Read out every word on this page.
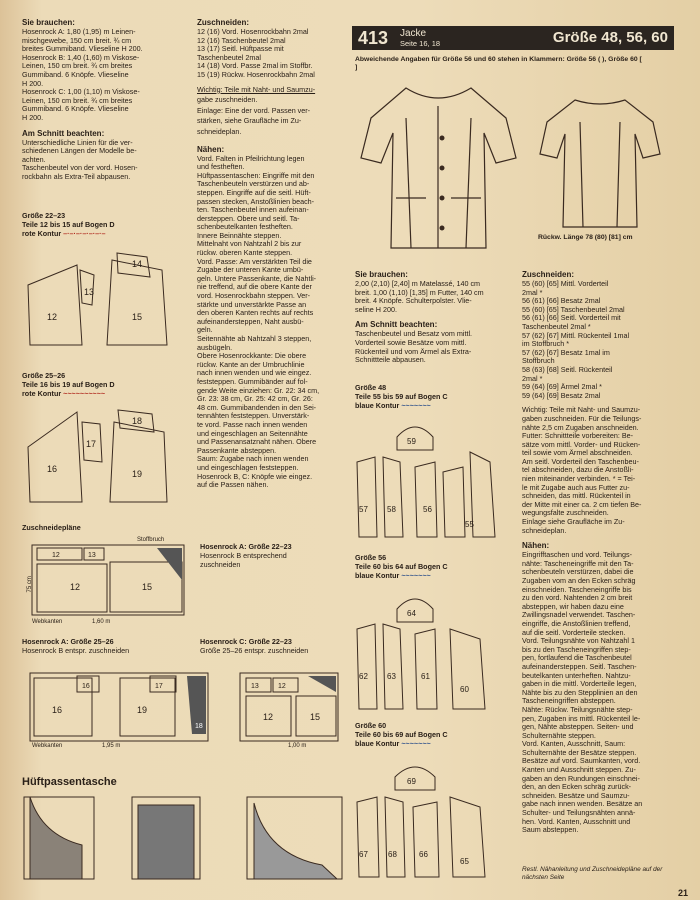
Sie brauchen:
Hosenrock A: 1,80 (1,95) m Leinen-
mischgewebe, 150 cm breit. ¾ cm
breites Gummiband. Vlieseline H 200.
Hosenrock B: 1,40 (1,60) m Viskose-
Leinen, 150 cm breit. ¾ cm breites
Gummiband. 6 Knöpfe. Vlieseline
H 200.
Hosenrock C: 1,00 (1,10) m Viskose-
Leinen, 150 cm breit. ¾ cm breites
Gummiband. 6 Knöpfe. Vlieseline
H 200.
Am Schnitt beachten:
Unterschiedliche Linien für die ver-
schiedenen Längen der Modelle be-
achten.
Taschenbeutel von der vord. Hosen-
rockbahn als Extra-Teil abpausen.
Größe 22–23
Teile 12 bis 15 auf Bogen D
rote Kontur –·–·–·–·–·–·–
12
13
14
15
Größe 25–26
Teile 16 bis 19 auf Bogen D
rote Kontur ~~~~~~~~~~
16
17
18
19
Zuschneidepläne
12	15
12	13
75 cm
Webkanten	1,60 m
Stoffbruch
Hosenrock A: Größe 25–26
Hosenrock B entspr. zuschneiden
16
16
19
17
18
Webkanten	1,95 m
Hüftpassentasche
Zuschneiden:
12 (16) Vord. Hosenrockbahn 2mal
12 (16) Taschenbeutel 2mal
13 (17) Seitl. Hüftpasse mit
Taschenbeutel 2mal
14 (18) Vord. Passe 2mal im Stoffbr.
15 (19) Rückw. Hosenrockbahn 2mal

Wichtig: Teile mit Naht- und Saumzu-

gabe zuschneiden.

Einlage: Eine der vord. Passen ver-

stärken, siehe Graufläche im Zu-

schneideplan.

Nähen:
Vord. Falten in Pfeilrichtung legen
und festheften.
Hüftpassentaschen: Eingriffe mit den
Taschenbeuteln verstürzen und ab-
steppen. Eingriffe auf die seitl. Hüft-
passen stecken, Anstoßlinien beach-
ten. Taschenbeutel innen aufeinan-
dersteppen. Obere und seitl. Ta-
schenbeutelkanten festheften.
Innere Beinnähte steppen.
Mittelnaht von Nahtzahl 2 bis zur
rückw. oberen Kante steppen.
Vord. Passe: Am verstärkten Teil die
Zugabe der unteren Kante umbü-
geln. Untere Passenkante, die Nahtli-
nie treffend, auf die obere Kante der
vord. Hosenrockbahn steppen. Ver-
stärkte und unverstärkte Passe an
den oberen Kanten rechts auf rechts
aufeinandersteppen, Naht ausbü-
geln.
Seitennähte ab Nahtzahl 3 steppen,
ausbügeln.
Obere Hosenrockkante: Die obere
rückw. Kante an der Umbruchlinie
nach innen wenden und wie eingez.
feststeppen. Gummibänder auf fol-
gende Weite einziehen: Gr. 22: 34 cm,
Gr. 23: 38 cm, Gr. 25: 42 cm, Gr. 26:
48 cm. Gummibandenden in den Sei-
tennähten feststeppen. Unverstärk-
te vord. Passe nach innen wenden
und eingeschlagen an Seitennähte
und Passenansatznaht nähen. Obere
Passenkante absteppen.
Saum: Zugabe nach innen wenden
und eingeschlagen feststeppen.
Hosenrock B, C: Knöpfe wie eingez.
auf die Passen nähen.
Hosenrock A: Größe 22–23
Hosenrock B entsprechend
zuschneiden
Hosenrock C: Größe 22–23
Größe 25–26 entspr. zuschneiden
13	12
12	15
1,00 m
413 Jacke
Seite 16, 18	Größe 48, 56, 60
Abweichende Angaben für Größe 56 und 60 stehen in Klammern: Größe 56 ( ), Größe 60 [ ]
Rückw. Länge 78 (80) [81] cm
Sie brauchen:
2,00 (2,10) [2,40] m Matelassé, 140 cm
breit. 1,00 (1,10) [1,35] m Futter, 140 cm
breit. 4 Knöpfe. Schulterpolster. Vlie-
seline H 200.
Am Schnitt beachten:
Taschenbeutel und Besatz vom mittl.
Vorderteil sowie Besätze vom mittl.
Rückenteil und vom Ärmel als Extra-
Schnittteile abpausen.
Größe 48
Teile 55 bis 59 auf Bogen C
blaue Kontur ~~~~~~~
59
57 58	56
55
Größe 56
Teile 60 bis 64 auf Bogen C
blaue Kontur ~~~~~~~
64
62 63	61
60
Größe 60
Teile 60 bis 69 auf Bogen C
blaue Kontur ~~~~~~~
69
67	68	66
65
Zuschneiden:
55 (60) [65] Mittl. Vorderteil
2mal *
56 (61) [66] Besatz 2mal
55 (60) [65] Taschenbeutel 2mal
56 (61) [66] Seitl. Vorderteil mit
Taschenbeutel 2mal *
57 (62) [67] Mittl. Rückenteil 1mal
im Stoffbruch *
57 (62) [67] Besatz 1mal im
Stoffbruch
58 (63) [68] Seitl. Rückenteil
2mal *
59 (64) [69] Ärmel 2mal *
59 (64) [69] Besatz 2mal
Wichtig: Teile mit Naht- und Saumzu-
gaben zuschneiden. Für die Teilungs-
nähte 2,5 cm Zugaben anschneiden.
Futter: Schnittteile vorbereiten: Be-
sätze vom mittl. Vorder- und Rücken-
teil sowie vom Ärmel abschneiden.
Am seitl. Vorderteil den Taschenbeu-
tel abschneiden, dazu die Anstoßli-
nien miteinander verbinden. * = Tei-
le mit Zugabe auch aus Futter zu-
schneiden, das mittl. Rückenteil in
der Mitte mit einer ca. 2 cm tiefen Be-
wegungsfalte zuschneiden.
Einlage siehe Graufläche im Zu-
schneideplan.
Nähen:
Eingrifftaschen und vord. Teilungs-
nähte: Tascheneingriffe mit den Ta-
schenbeuteln verstürzen, dabei die
Zugaben vom an den Ecken schräg
einschneiden. Tascheneingriffe bis
zu den vord. Nahtenden 2 cm breit
absteppen, wir haben dazu eine
Zwillingsnadel verwendet. Taschen-
eingriffe, die Anstoßlinien treffend,
auf die seitl. Vorderteile stecken.
Vord. Teilungsnähte von Nahtzahl 1
bis zu den Tascheneingriffen step-
pen, fortlaufend die Taschenbeutel
aufeinandersteppen. Seitl. Taschen-
beutelkanten unterheften. Nahtzu-
gaben in die mittl. Vorderteile legen,
Nähte bis zu den Stepplinien an den
Tascheneingriffen absteppen.
Nähte: Rückw. Teilungsnähte step-
pen, Zugaben ins mittl. Rückenteil le-
gen, Nähte absteppen. Seiten- und
Schulternähte steppen.
Vord. Kanten, Ausschnitt, Saum:
Schulternähte der Besätze steppen.
Besätze auf vord. Saumkanten, vord.
Kanten und Ausschnitt steppen. Zu-
gaben an den Rundungen einschnei-
den, an den Ecken schräg zurück-
schneiden. Besätze und Saumzu-
gabe nach innen wenden. Besätze an
Schulter- und Teilungsnähten annä-
hen. Vord. Kanten, Ausschnitt und
Saum absteppen.
Restl. Nähanleitung und Zuschneidepläne auf der nächsten Seite
21
